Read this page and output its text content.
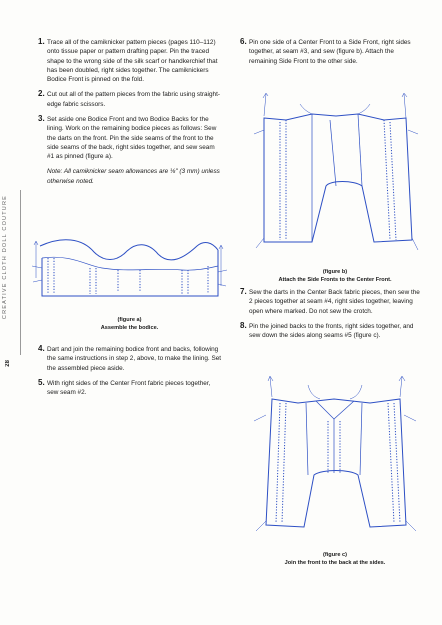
CREATIVE CLOTH DOLL COUTURE
28
1. Trace all of the camiknicker pattern pieces (pages 110–112) onto tissue paper or pattern drafting paper. Pin the traced shape to the wrong side of the silk scarf or handkerchief that has been doubled, right sides together. The camiknickers Bodice Front is pinned on the fold.
2. Cut out all of the pattern pieces from the fabric using straight-edge fabric scissors.
3. Set aside one Bodice Front and two Bodice Backs for the lining. Work on the remaining bodice pieces as follows: Sew the darts on the front. Pin the side seams of the front to the side seams of the back, right sides together, and sew seam #1 as pinned (figure a).
Note: All camiknicker seam allowances are ⅛" (3 mm) unless otherwise noted.
(figure a)
Assemble the bodice.
4. Dart and join the remaining bodice front and backs, following the same instructions in step 2, above, to make the lining. Set the assembled piece aside.
5. With right sides of the Center Front fabric pieces together, sew seam #2.
6. Pin one side of a Center Front to a Side Front, right sides together, at seam #3, and sew (figure b). Attach the remaining Side Front to the other side.
(figure b)
Attach the Side Fronts to the Center Front.
7. Sew the darts in the Center Back fabric pieces, then sew the 2 pieces together at seam #4, right sides together, leaving open where marked. Do not sew the crotch.
8. Pin the joined backs to the fronts, right sides together, and sew down the sides along seams #5 (figure c).
(figure c)
Join the front to the back at the sides.
